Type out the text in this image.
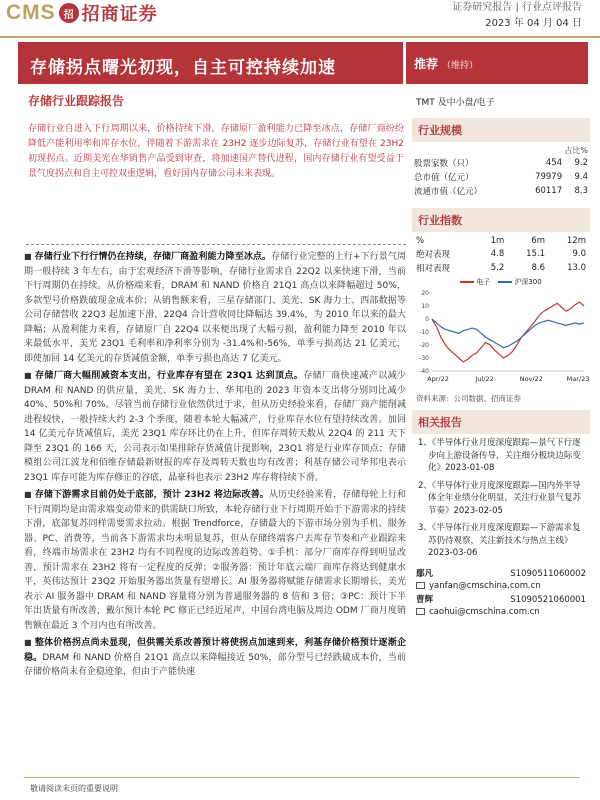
CMS 招 招商证券	证券研究报告 | 行业点评报告
2023 年 04 月 04 日
存储拐点曙光初现，自主可控持续加速	推荐 （维持）
存储行业跟踪报告
存储行业自进入下行周期以来，价格持续下滑，存储原厂盈利能力已降至冰点，存储厂商纷纷降低产能利用率和库存水位，伴随着下游需求在 23H2 逐步边际复苏，存储行业有望在 23H2 初现拐点。近期美光在华销售产品受到审查，将加速国产替代进程，国内存储行业有望受益于景气度拐点和自主可控双重逻辑，看好国内存储公司未来表现。

■ 存储行业下行行情仍在持续，存储厂商盈利能力降至冰点。存储行业完整的上行+下行景气周期一般持续 3 年左右，由于宏观经济下滑等影响，存储行业需求自 22Q2 以来快速下滑，当前下行周期仍在持续。从价格端来看，DRAM 和 NAND 价格自 21Q1 高点以来降幅超过 50%，多款型号价格跌破现金成本价；从销售额来看，三星存储部门、美光、SK 海力士、西部数据等公司存储营收 22Q3 起加速下滑，22Q4 合计营收同比降幅达 39.4%，为 2010 年以来的最大降幅；从盈利能力来看，存储原厂自 22Q4 以来便出现了大幅亏损，盈利能力降至 2010 年以来最低水平，美光 23Q1 毛利率和净利率分别为 -31.4%和-56%，单季亏损高达 21 亿美元，即使加回 14 亿美元的存货减值金额，单季亏损也高达 7 亿美元。

■ 存储厂商大幅削减资本支出，行业库存有望在 23Q1 达到顶点。存储厂商快速减产以减少 DRAM 和 NAND 的供应量，美光、SK 海力士、华邦电的 2023 年资本支出将分别同比减少 40%、50%和 70%。尽管当前存储行业依然供过于求，但从历史经验来看，存储厂商产能削减进程较快，一般持续大约 2-3 个季度，随着本轮大幅减产，行业库存水位有望持续改善。加回 14 亿美元存货减值后，美光 23Q1 库存环比仍在上升，但库存周转天数从 22Q4 的 211 天下降至 23Q1 的 166 天，公司表示如果排除存货减值计提影响，23Q1 将是行业库存顶点；存储模组公司江波龙和佰维存储最新财报的库存及周转天数也均有改善；利基存储公司华邦电表示 23Q1 库存可能为库存修正的谷底，晶豪科也表示 23H2 库存将持续下滑。

■ 存储下游需求目前仍处于底部，预计 23H2 将边际改善。从历史经验来看，存储每轮上行和下行周期均是由需求端变动带来的供需缺口所致，本轮存储行业下行周期开始于下游需求的持续下滑，底部复苏同样需要需求拉动。根据 Trendforce，存储最大的下游市场分别为手机、服务器、PC、消费等，当前各下游需求均未明显复苏，但从存储终端客户去库存节奏和产业跟踪来看，终端市场需求在 23H2 均有不同程度的边际改善趋势。①手机：部分厂商库存得到明显改善，预计需求在 23H2 将有一定程度的反弹；②服务器：预计年底云端厂商库存将达到健康水平，英伟达预计 23Q2 开始服务器出货量有望增长。AI 服务器将赋能存储需求长期增长，美光表示 AI 服务器中 DRAM 和 NAND 容量将分别为普通服务器的 8 倍和 3 倍；③PC：预计下半年出货量有所改善，戴尔预计本轮 PC 修正已经近尾声，中国台湾电脑及周边 ODM 厂商月度销售额在最近 3 个月内也有所改善。

■ 整体价格拐点尚未显现，但供需关系改善预计将使拐点加速到来，利基存储价格预计逐渐企稳。DRAM 和 NAND 价格自 21Q1 高点以来降幅接近 50%，部分型号已经跌破成本价，当前存储价格尚未有企稳迹象，但由于产能快速

敬请阅读末页的重要说明
TMT 及中小盘/电子
行业规模
占比%
股票家数（只）	454	9.2
总市值（亿元）	79979	9.4
流通市值（亿元）	60117	8.3
行业指数
%	1m	6m	12m
绝对表现	4.8	15.1	9.0
相对表现	5.2	8.6	13.0
电子	沪深300
20
10
0
-10
-20
-30
-40
Apr/22	Jul/22	Nov/22	Mar/23
资料来源：公司数据、招商证券
相关报告
1、《半导体行业月度深度跟踪—景气下行逐步向上游设备传导，关注细分板块边际变化》2023-01-08
2、《半导体行业月度深度跟踪—国内外半导体全年业绩分化明显，关注行业景气复苏节奏》2023-02-05
3、《半导体行业月度深度跟踪—下游需求复苏仍待观察，关注新技术与热点主线》2023-03-06
鄢凡	S1090511060002
yanfan@cmschina.com.cn
曹辉	S1090521060001
caohui@cmschina.com.cn
